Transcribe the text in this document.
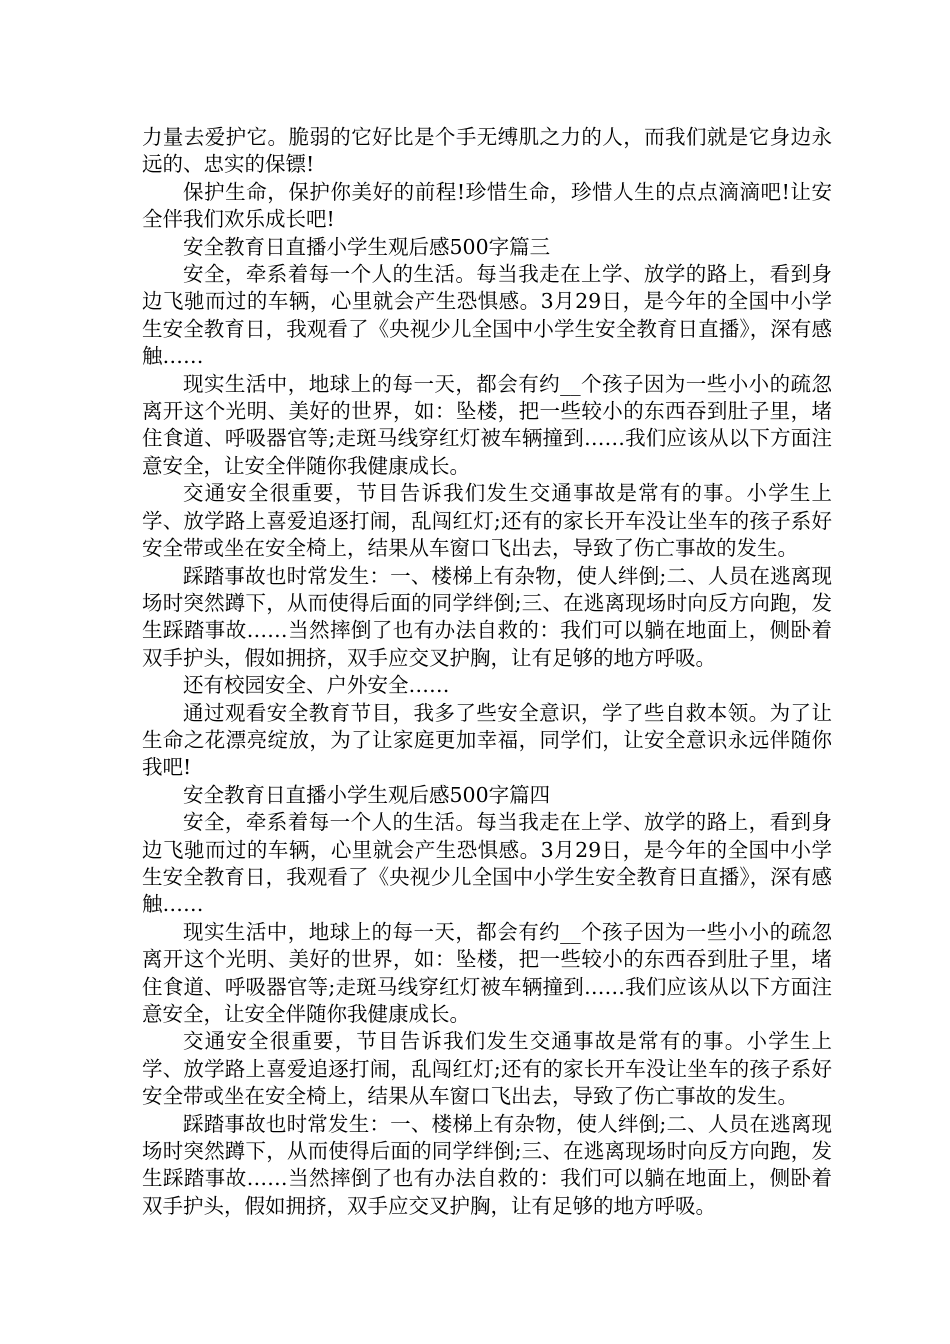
力量去爱护它。脆弱的它好比是个手无缚肌之力的人，而我们就是它身边永远的、忠实的保镖!

保护生命，保护你美好的前程!珍惜生命，珍惜人生的点点滴滴吧!让安全伴我们欢乐成长吧!

安全教育日直播小学生观后感500字篇三

安全，牵系着每一个人的生活。每当我走在上学、放学的路上，看到身边飞驰而过的车辆，心里就会产生恐惧感。3月29日，是今年的全国中小学生安全教育日，我观看了《央视少儿全国中小学生安全教育日直播》，深有感触……

现实生活中，地球上的每一天，都会有约__个孩子因为一些小小的疏忽离开这个光明、美好的世界，如：坠楼，把一些较小的东西吞到肚子里，堵住食道、呼吸器官等;走斑马线穿红灯被车辆撞到……我们应该从以下方面注意安全，让安全伴随你我健康成长。

交通安全很重要，节目告诉我们发生交通事故是常有的事。小学生上学、放学路上喜爱追逐打闹，乱闯红灯;还有的家长开车没让坐车的孩子系好安全带或坐在安全椅上，结果从车窗口飞出去，导致了伤亡事故的发生。

踩踏事故也时常发生：一、楼梯上有杂物，使人绊倒;二、人员在逃离现场时突然蹲下，从而使得后面的同学绊倒;三、在逃离现场时向反方向跑，发生踩踏事故……当然摔倒了也有办法自救的：我们可以躺在地面上，侧卧着双手护头，假如拥挤，双手应交叉护胸，让有足够的地方呼吸。

还有校园安全、户外安全……

通过观看安全教育节目，我多了些安全意识，学了些自救本领。为了让生命之花漂亮绽放，为了让家庭更加幸福，同学们，让安全意识永远伴随你我吧!

安全教育日直播小学生观后感500字篇四

安全，牵系着每一个人的生活。每当我走在上学、放学的路上，看到身边飞驰而过的车辆，心里就会产生恐惧感。3月29日，是今年的全国中小学生安全教育日，我观看了《央视少儿全国中小学生安全教育日直播》，深有感触……

现实生活中，地球上的每一天，都会有约__个孩子因为一些小小的疏忽离开这个光明、美好的世界，如：坠楼，把一些较小的东西吞到肚子里，堵住食道、呼吸器官等;走斑马线穿红灯被车辆撞到……我们应该从以下方面注意安全，让安全伴随你我健康成长。

交通安全很重要，节目告诉我们发生交通事故是常有的事。小学生上学、放学路上喜爱追逐打闹，乱闯红灯;还有的家长开车没让坐车的孩子系好安全带或坐在安全椅上，结果从车窗口飞出去，导致了伤亡事故的发生。

踩踏事故也时常发生：一、楼梯上有杂物，使人绊倒;二、人员在逃离现场时突然蹲下，从而使得后面的同学绊倒;三、在逃离现场时向反方向跑，发生踩踏事故……当然摔倒了也有办法自救的：我们可以躺在地面上，侧卧着双手护头，假如拥挤，双手应交叉护胸，让有足够的地方呼吸。
